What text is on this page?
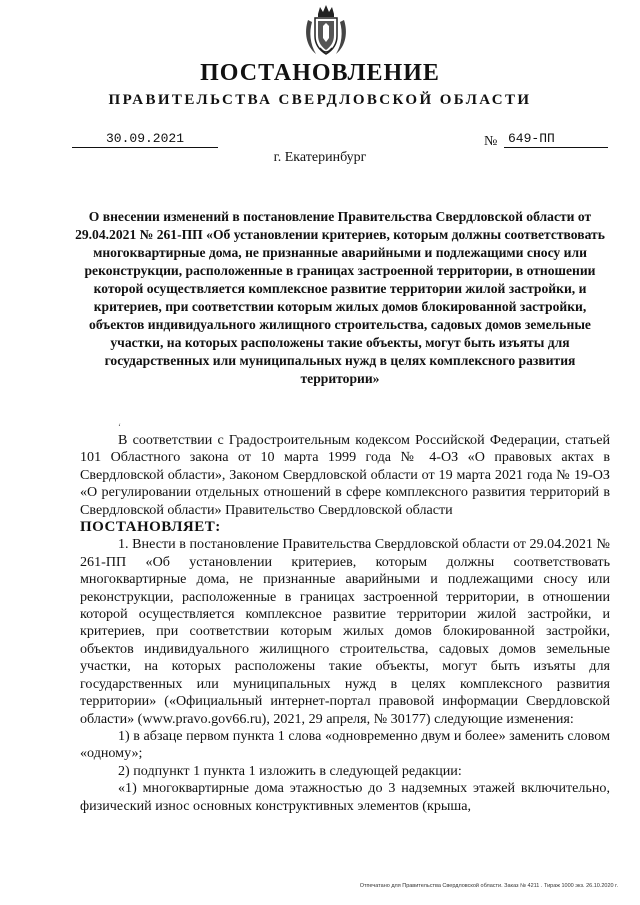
ПОСТАНОВЛЕНИЕ
ПРАВИТЕЛЬСТВА СВЕРДЛОВСКОЙ ОБЛАСТИ
30.09.2021	№ 649-ПП
г. Екатеринбург

О внесении изменений в постановление Правительства Свердловской области от 29.04.2021 № 261-ПП «Об установлении критериев, которым должны соответствовать многоквартирные дома, не признанные аварийными и подлежащими сносу или реконструкции, расположенные в границах застроенной территории, в отношении которой осуществляется комплексное развитие территории жилой застройки, и критериев, при соответствии которым жилых домов блокированной застройки, объектов индивидуального жилищного строительства, садовых домов земельные участки, на которых расположены такие объекты, могут быть изъяты для государственных или муниципальных нужд в целях комплексного развития территории»

‘

В соответствии с Градостроительным кодексом Российской Федерации, статьей 101 Областного закона от 10 марта 1999 года № 4-ОЗ «О правовых актах в Свердловской области», Законом Свердловской области от 19 марта 2021 года № 19-ОЗ «О регулировании отдельных отношений в сфере комплексного развития территорий в Свердловской области» Правительство Свердловской области

ПОСТАНОВЛЯЕТ:

1. Внести в постановление Правительства Свердловской области от 29.04.2021 № 261-ПП «Об установлении критериев, которым должны соответствовать многоквартирные дома, не признанные аварийными и подлежащими сносу или реконструкции, расположенные в границах застроенной территории, в отношении которой осуществляется комплексное развитие территории жилой застройки, и критериев, при соответствии которым жилых домов блокированной застройки, объектов индивидуального жилищного строительства, садовых домов земельные участки, на которых расположены такие объекты, могут быть изъяты для государственных или муниципальных нужд в целях комплексного развития территории» («Официальный интернет-портал правовой информации Свердловской области» (www.pravo.gov66.ru), 2021, 29 апреля, № 30177) следующие изменения:

1) в абзаце первом пункта 1 слова «одновременно двум и более» заменить словом «одному»;

2) подпункт 1 пункта 1 изложить в следующей редакции:

«1) многоквартирные дома этажностью до 3 надземных этажей включительно, физический износ основных конструктивных элементов (крыша,

Отпечатано для Правительства Свердловской области. Заказ № 4211 . Тираж 1000 экз. 26.10.2020 г.
